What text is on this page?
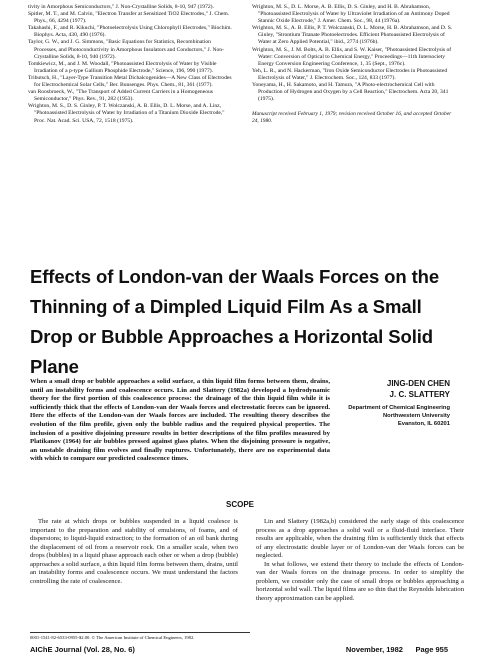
tivity in Amorphous Semiconductors," J. Non-Crystalline Solids, 8-10, 947 (1972).

Spitler, M. T., and M. Calvin, "Electron Transfer at Sensitized TiO2 Electrodes," J. Chem. Phys., 66, 4294 (1977).

Takahashi, F., and R. Kikuchi, "Photoelectrolysis Using Chlorophyll Electrodes," Biochim. Biophys. Acta, 430, 490 (1976).

Taylor, G. W., and J. G. Simmons, "Basic Equations for Statistics, Recombination Processes, and Photoconductivity in Amorphous Insulators and Conductors," J. Non-Crystalline Solids, 8-10, 940 (1972).

Tomkiewicz, M., and J. M. Woodall, "Photoassisted Electrolysis of Water by Visible Irradiation of a p-type Gallium Phosphide Electrode," Science, 196, 990 (1977).

Tributsch, H., "Layer-Type Transition Metal Dichalcogenides—A New Class of Electrodes for Electrochemical Solar Cells," Ber. Bunsenges. Phys. Chem., 81, 361 (1977).

van Roosbroeck, W., "The Transport of Added Current Carriers in a Homogeneous Semiconductor," Phys. Rev., 91, 282 (1953).

Wrighton, M. S., D. S. Ginley, P. T. Wolczanski, A. B. Ellis, D. L. Morse, and A. Linz, "Photoassisted Electrolysis of Water by Irradiation of a Titanium Dioxide Electrode," Proc. Nat. Acad. Sci. USA, 72, 1518 (1975).

Wrighton, M. S., D. L. Morse, A. B. Ellis, D. S. Ginley, and H. B. Abrahamson, "Photoassisted Electrolysis of Water by Ultraviolet Irradiation of an Antimony Doped Stannic Oxide Electrode," J. Amer. Chem. Soc., 98, 44 (1976a).

Wrighton, M. S., A. B. Ellis, P. T. Wolczanski, D. L. Morse, H. B. Abrahamson, and D. S. Ginley, "Strontium Titanate Photoelectrodes. Efficient Photoassisted Electrolysis of Water at Zero Applied Potential," ibid., 2774 (1976b).

Wrighton, M. S., J. M. Bolts, A. B. Ellis, and S. W. Kaiser, "Photoassisted Electrolysis of Water: Conversion of Optical to Chemical Energy," Proceedings—11th Intersociety Energy Conversion Engineering Conference, 1, 35 (Sept., 1976c).

Yeh, L. R., and N. Hackerman, "Iron Oxide Semiconductor Electrodes in Photoassisted Electrolysis of Water," J. Electrochem. Soc., 124, 833 (1977).

Yoneyama, H., H. Sakamoto, and H. Tamura, "A Photo-electrochemical Cell with Production of Hydrogen and Oxygen by a Cell Reaction," Electrochem. Acta 20, 341 (1975).

Manuscript received February 1, 1979; revision received October 16, and accepted October 24, 1980.

Effects of London-van der Waals Forces on the Thinning of a Dimpled Liquid Film As a Small Drop or Bubble Approaches a Horizontal Solid Plane
When a small drop or bubble approaches a solid surface, a thin liquid film forms between them, drains, until an instability forms and coalescence occurs. Lin and Slattery (1982a) developed a hydrodynamic theory for the first portion of this coalescence process: the drainage of the thin liquid film while it is sufficiently thick that the effects of London-van der Waals forces and electrostatic forces can be ignored. Here the effects of the London-van der Waals forces are included. The resulting theory describes the evolution of the film profile, given only the bubble radius and the required physical properties. The inclusion of a positive disjoining pressure results in better descriptions of the film profiles measured by Platikanov (1964) for air bubbles pressed against glass plates. When the disjoining pressure is negative, an unstable draining film evolves and finally ruptures. Unfortunately, there are no experimental data with which to compare our predicted coalescence times.
JING-DEN CHEN
J. C. SLATTERY
Department of Chemical Engineering
Northwestern University
Evanston, IL 60201
SCOPE

The rate at which drops or bubbles suspended in a liquid coalesce is important to the preparation and stability of emulsions, of foams, and of dispersions; to liquid-liquid extraction; to the formation of an oil bank during the displacement of oil from a reservoir rock. On a smaller scale, when two drops (bubbles) in a liquid phase approach each other or when a drop (bubble) approaches a solid surface, a thin liquid film forms between them, drains, until an instability forms and coalescence occurs. We must understand the factors controlling the rate of coalescence.

Lin and Slattery (1982a,b) considered the early stage of this coalescence process as a drop approaches a solid wall or a fluid-fluid interface. Their results are applicable, when the draining film is sufficiently thick that effects of any electrostatic double layer or of London-van der Waals forces can be neglected.

In what follows, we extend their theory to include the effects of London-van der Waals forces on the drainage process. In order to simplify the problem, we consider only the case of small drops or bubbles approaching a horizontal solid wall. The liquid films are so thin that the Reynolds lubrication theory approximation can be applied.

0001-1541-82-6533-0955-$2.00. © The American Institute of Chemical Engineers, 1982.
AIChE Journal (Vol. 28, No. 6)	November, 1982 Page 955
